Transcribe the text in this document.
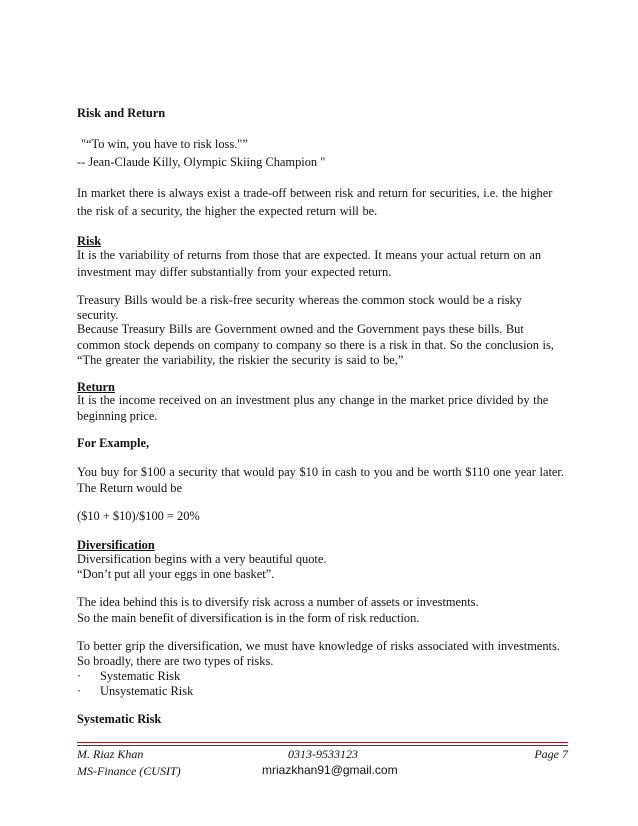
Risk and Return
"“To win, you have to risk loss."”
-- Jean-Claude Killy, Olympic Skiing Champion "
In market there is always exist a trade-off between risk and return for securities, i.e. the higher
the risk of a security, the higher the expected return will be.
Risk
It is the variability of returns from those that are expected. It means your actual return on an
investment may differ substantially from your expected return.
Treasury Bills would be a risk-free security whereas the common stock would be a risky
security.
Because Treasury Bills are Government owned and the Government pays these bills. But
common stock depends on company to company so there is a risk in that. So the conclusion is,
“The greater the variability, the riskier the security is said to be,”
Return
It is the income received on an investment plus any change in the market price divided by the
beginning price.
For Example,
You buy for $100 a security that would pay $10 in cash to you and be worth $110 one year later.
The Return would be
($10 + $10)/$100 = 20%
Diversification
Diversification begins with a very beautiful quote.
“Don’t put all your eggs in one basket”.
The idea behind this is to diversify risk across a number of assets or investments.
So the main benefit of diversification is in the form of risk reduction.
To better grip the diversification, we must have knowledge of risks associated with investments.
So broadly, there are two types of risks.
· Systematic Risk
· Unsystematic Risk
Systematic Risk
M. Riaz Khan	0313-9533123	Page 7
MS-Finance (CUSIT)	mriazkhan91@gmail.com
